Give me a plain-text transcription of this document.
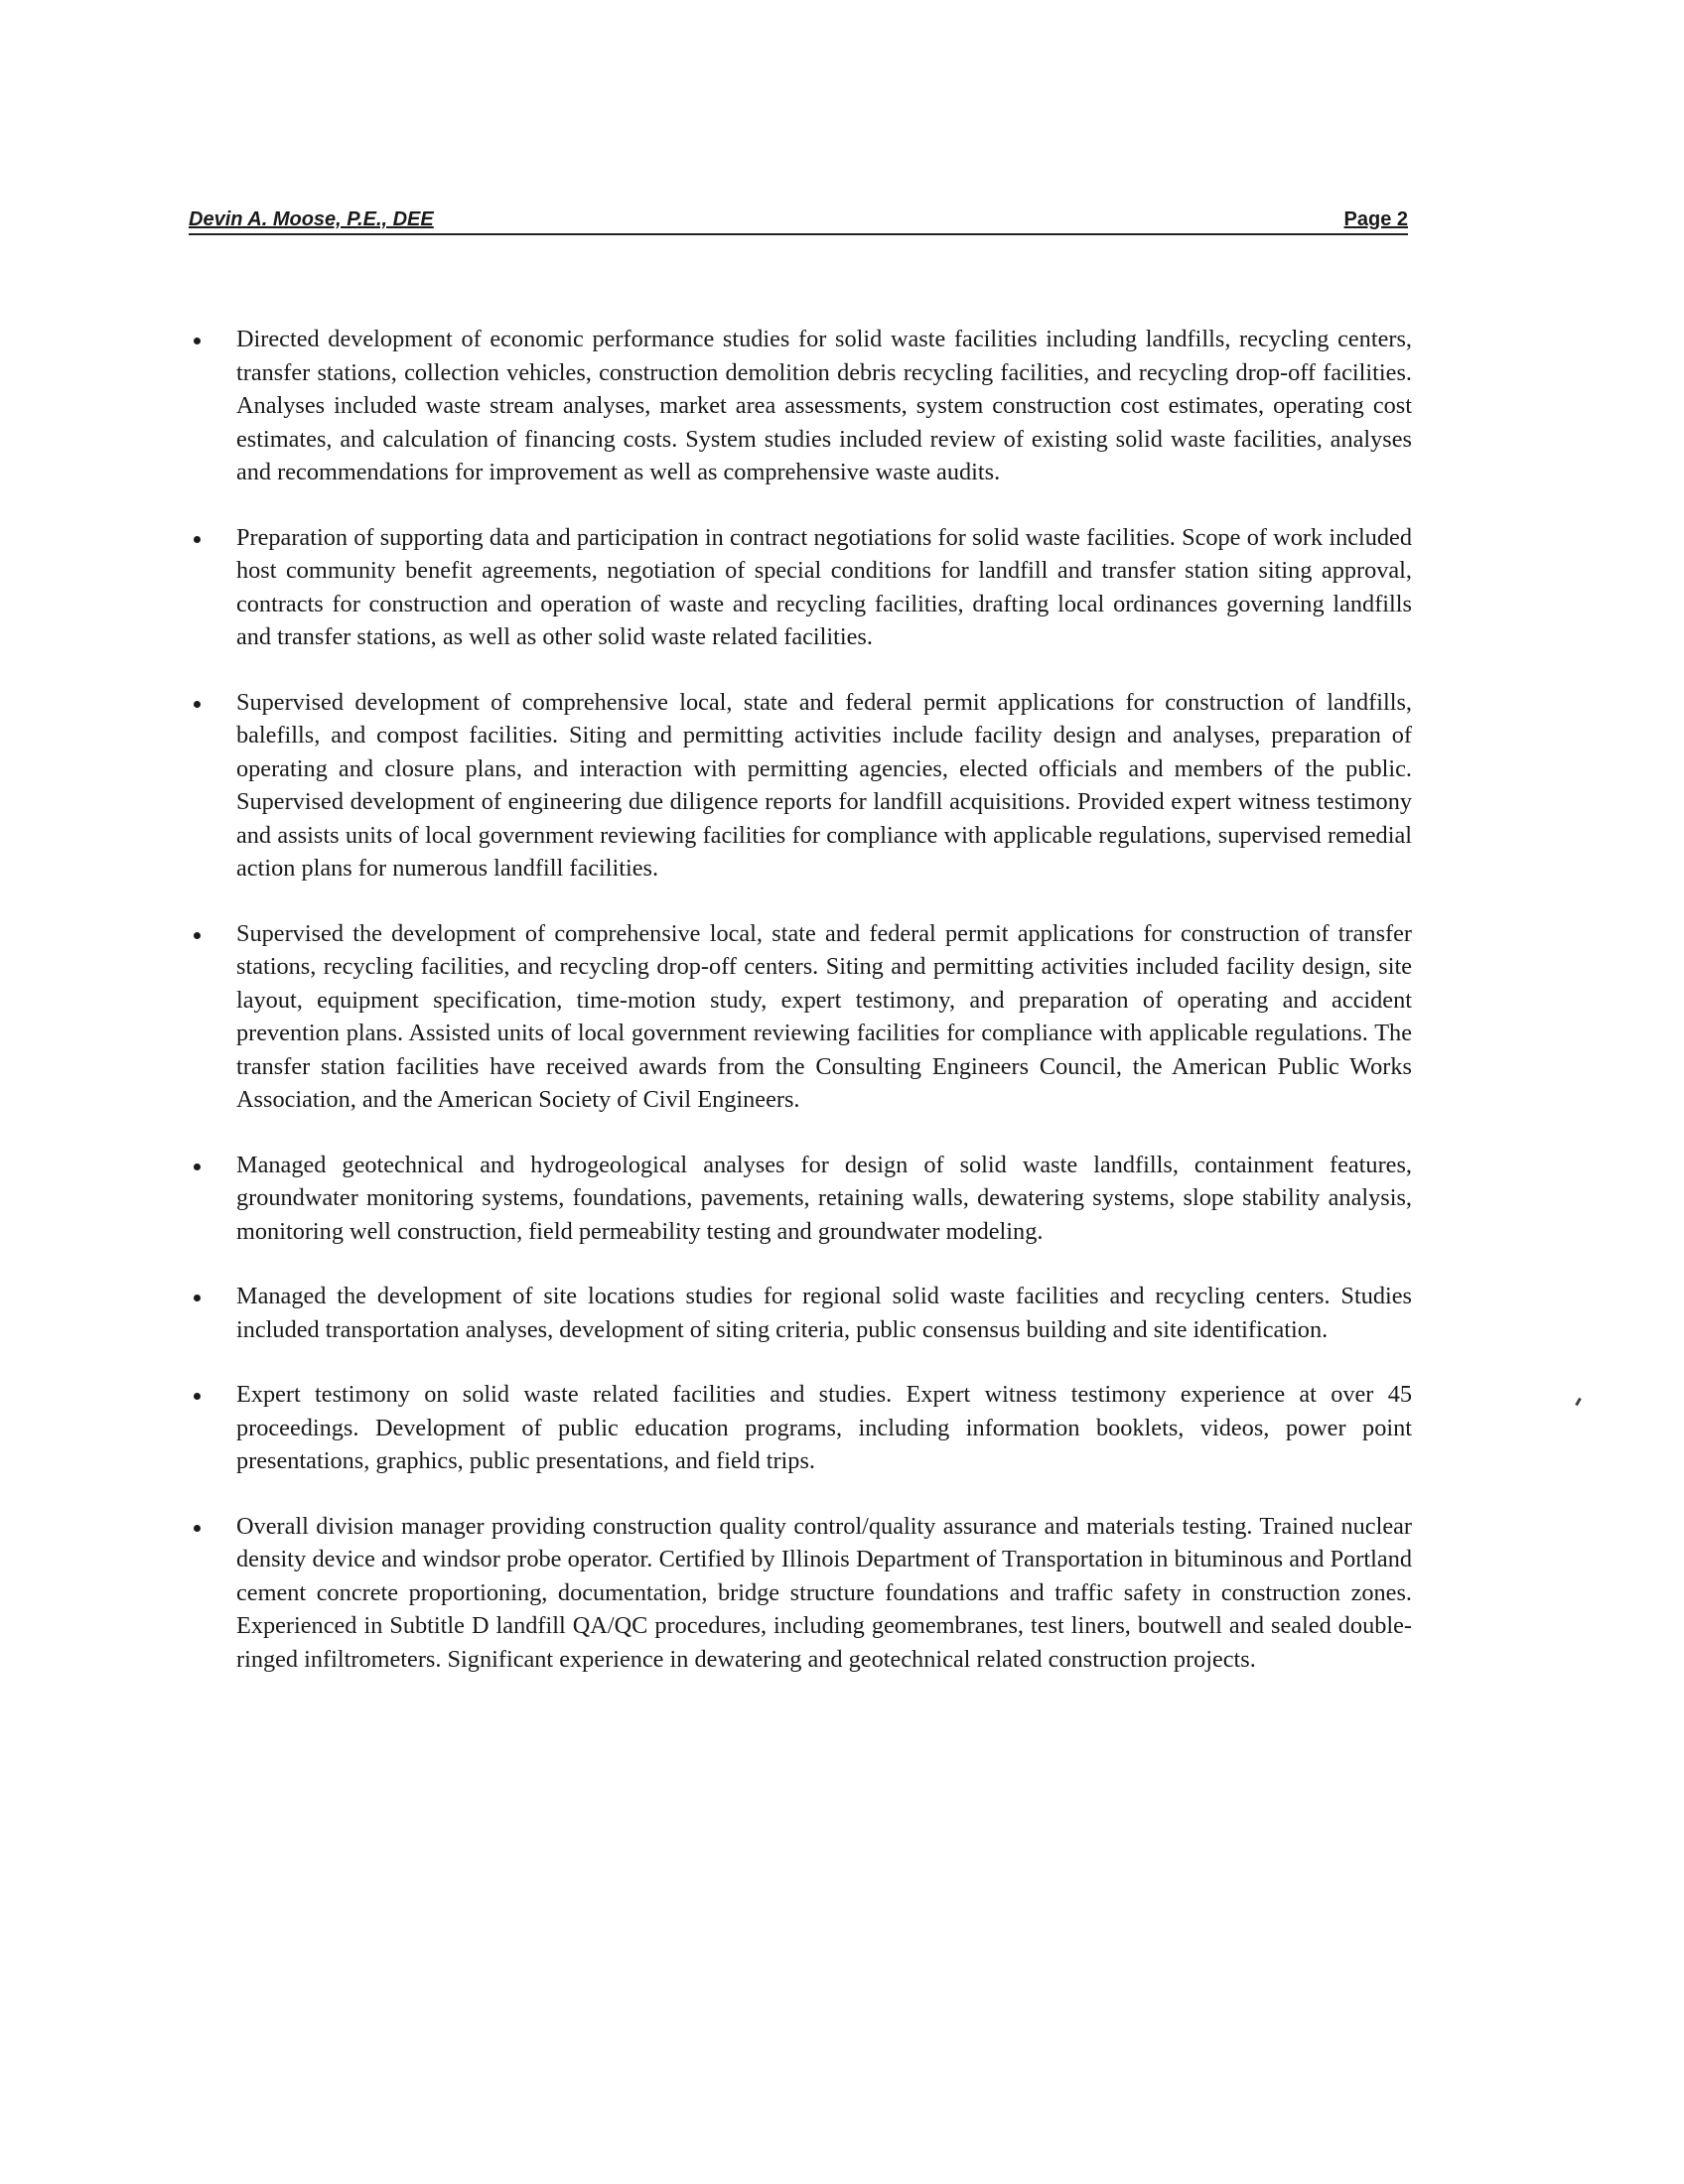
Devin A. Moose, P.E., DEE	Page 2
Directed development of economic performance studies for solid waste facilities including landfills, recycling centers, transfer stations, collection vehicles, construction demolition debris recycling facilities, and recycling drop-off facilities. Analyses included waste stream analyses, market area assessments, system construction cost estimates, operating cost estimates, and calculation of financing costs. System studies included review of existing solid waste facilities, analyses and recommendations for improvement as well as comprehensive waste audits.
Preparation of supporting data and participation in contract negotiations for solid waste facilities. Scope of work included host community benefit agreements, negotiation of special conditions for landfill and transfer station siting approval, contracts for construction and operation of waste and recycling facilities, drafting local ordinances governing landfills and transfer stations, as well as other solid waste related facilities.
Supervised development of comprehensive local, state and federal permit applications for construction of landfills, balefills, and compost facilities. Siting and permitting activities include facility design and analyses, preparation of operating and closure plans, and interaction with permitting agencies, elected officials and members of the public. Supervised development of engineering due diligence reports for landfill acquisitions. Provided expert witness testimony and assists units of local government reviewing facilities for compliance with applicable regulations, supervised remedial action plans for numerous landfill facilities.
Supervised the development of comprehensive local, state and federal permit applications for construction of transfer stations, recycling facilities, and recycling drop-off centers. Siting and permitting activities included facility design, site layout, equipment specification, time-motion study, expert testimony, and preparation of operating and accident prevention plans. Assisted units of local government reviewing facilities for compliance with applicable regulations. The transfer station facilities have received awards from the Consulting Engineers Council, the American Public Works Association, and the American Society of Civil Engineers.
Managed geotechnical and hydrogeological analyses for design of solid waste landfills, containment features, groundwater monitoring systems, foundations, pavements, retaining walls, dewatering systems, slope stability analysis, monitoring well construction, field permeability testing and groundwater modeling.
Managed the development of site locations studies for regional solid waste facilities and recycling centers. Studies included transportation analyses, development of siting criteria, public consensus building and site identification.
Expert testimony on solid waste related facilities and studies. Expert witness testimony experience at over 45 proceedings. Development of public education programs, including information booklets, videos, power point presentations, graphics, public presentations, and field trips.
Overall division manager providing construction quality control/quality assurance and materials testing. Trained nuclear density device and windsor probe operator. Certified by Illinois Department of Transportation in bituminous and Portland cement concrete proportioning, documentation, bridge structure foundations and traffic safety in construction zones. Experienced in Subtitle D landfill QA/QC procedures, including geomembranes, test liners, boutwell and sealed double-ringed infiltrometers. Significant experience in dewatering and geotechnical related construction projects.
